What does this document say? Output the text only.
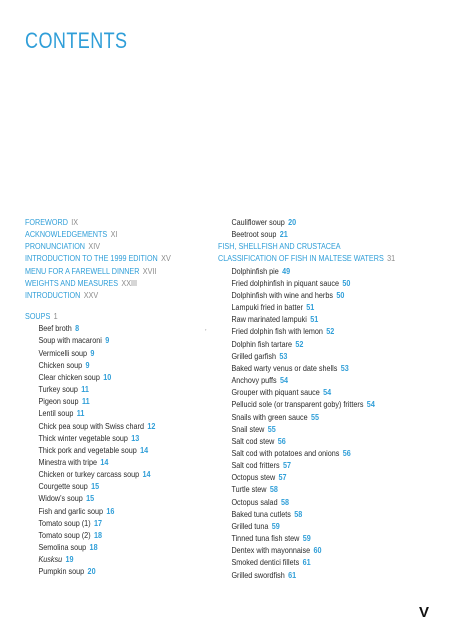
CONTENTS
FOREWORD IX
ACKNOWLEDGEMENTS XI
PRONUNCIATION XIV
INTRODUCTION TO THE 1999 EDITION XV
MENU FOR A FAREWELL DINNER XVII
WEIGHTS AND MEASURES XXIII
INTRODUCTION XXV
SOUPS 1
Beef broth 8
Soup with macaroni 9
Vermicelli soup 9
Chicken soup 9
Clear chicken soup 10
Turkey soup 11
Pigeon soup 11
Lentil soup 11
Chick pea soup with Swiss chard 12
Thick winter vegetable soup 13
Thick pork and vegetable soup 14
Minestra with tripe 14
Chicken or turkey carcass soup 14
Courgette soup 15
Widow's soup 15
Fish and garlic soup 16
Tomato soup (1) 17
Tomato soup (2) 18
Semolina soup 18
Kusksu 19
Pumpkin soup 20
Cauliflower soup 20
Beetroot soup 21
FISH, SHELLFISH AND CRUSTACEA
CLASSIFICATION OF FISH IN MALTESE WATERS 31
Dolphinfish pie 49
Fried dolphinfish in piquant sauce 50
Dolphinfish with wine and herbs 50
Lampuki fried in batter 51
Raw marinated lampuki 51
Fried dolphin fish with lemon 52
Dolphin fish tartare 52
Grilled garfish 53
Baked warty venus or date shells 53
Anchovy puffs 54
Grouper with piquant sauce 54
Pellucid sole (or transparent goby) fritters 54
Snails with green sauce 55
Snail stew 55
Salt cod stew 56
Salt cod with potatoes and onions 56
Salt cod fritters 57
Octopus stew 57
Turtle stew 58
Octopus salad 58
Baked tuna cutlets 58
Grilled tuna 59
Tinned tuna fish stew 59
Dentex with mayonnaise 60
Smoked dentici fillets 61
Grilled swordfish 61
’
V
